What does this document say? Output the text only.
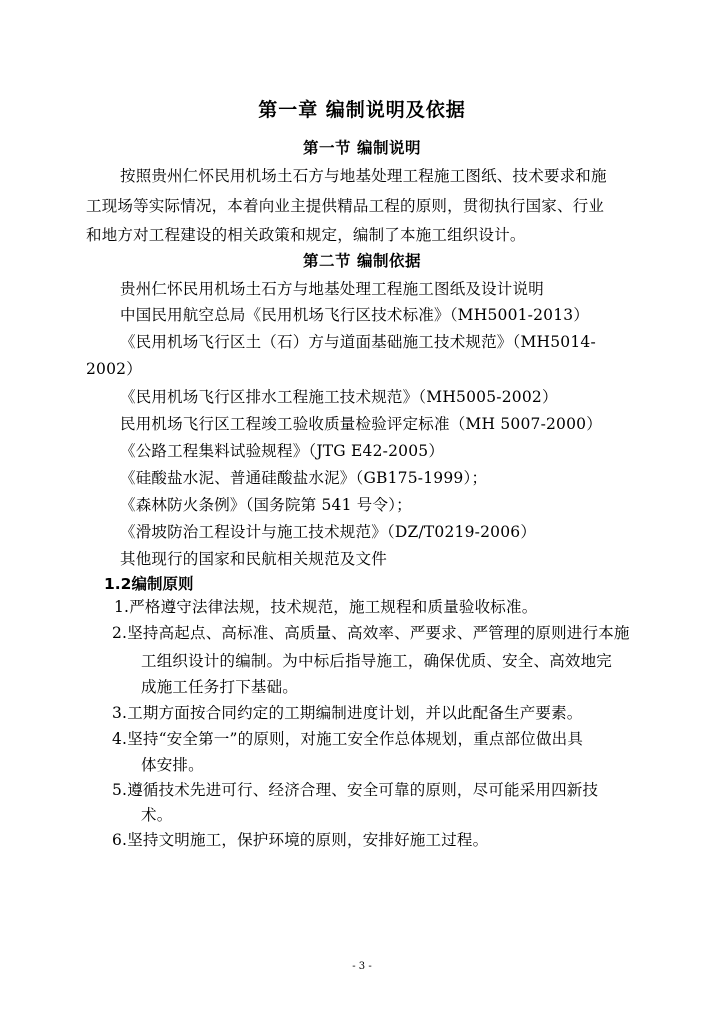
第一章 编制说明及依据
第一节 编制说明
按照贵州仁怀民用机场土石方与地基处理工程施工图纸、技术要求和施
工现场等实际情况，本着向业主提供精品工程的原则，贯彻执行国家、行业
和地方对工程建设的相关政策和规定，编制了本施工组织设计。
第二节 编制依据
贵州仁怀民用机场土石方与地基处理工程施工图纸及设计说明
中国民用航空总局《民用机场飞行区技术标准》（MH5001-2013）
《民用机场飞行区土（石）方与道面基础施工技术规范》（MH5014-
2002）
《民用机场飞行区排水工程施工技术规范》（MH5005-2002）
民用机场飞行区工程竣工验收质量检验评定标准（MH 5007-2000）
《公路工程集料试验规程》（JTG E42-2005）
《硅酸盐水泥、普通硅酸盐水泥》（GB175-1999）；
《森林防火条例》（国务院第 541 号令）；
《滑坡防治工程设计与施工技术规范》（DZ/T0219-2006）
其他现行的国家和民航相关规范及文件
1.2编制原则
1.严格遵守法律法规，技术规范，施工规程和质量验收标准。
2.坚持高起点、高标准、高质量、高效率、严要求、严管理的原则进行本施
工组织设计的编制。为中标后指导施工，确保优质、安全、高效地完
成施工任务打下基础。
3.工期方面按合同约定的工期编制进度计划，并以此配备生产要素。
4.坚持“安全第一”的原则，对施工安全作总体规划，重点部位做出具
体安排。
5.遵循技术先进可行、经济合理、安全可靠的原则，尽可能采用四新技
术。
6.坚持文明施工，保护环境的原则，安排好施工过程。
- 3 -
